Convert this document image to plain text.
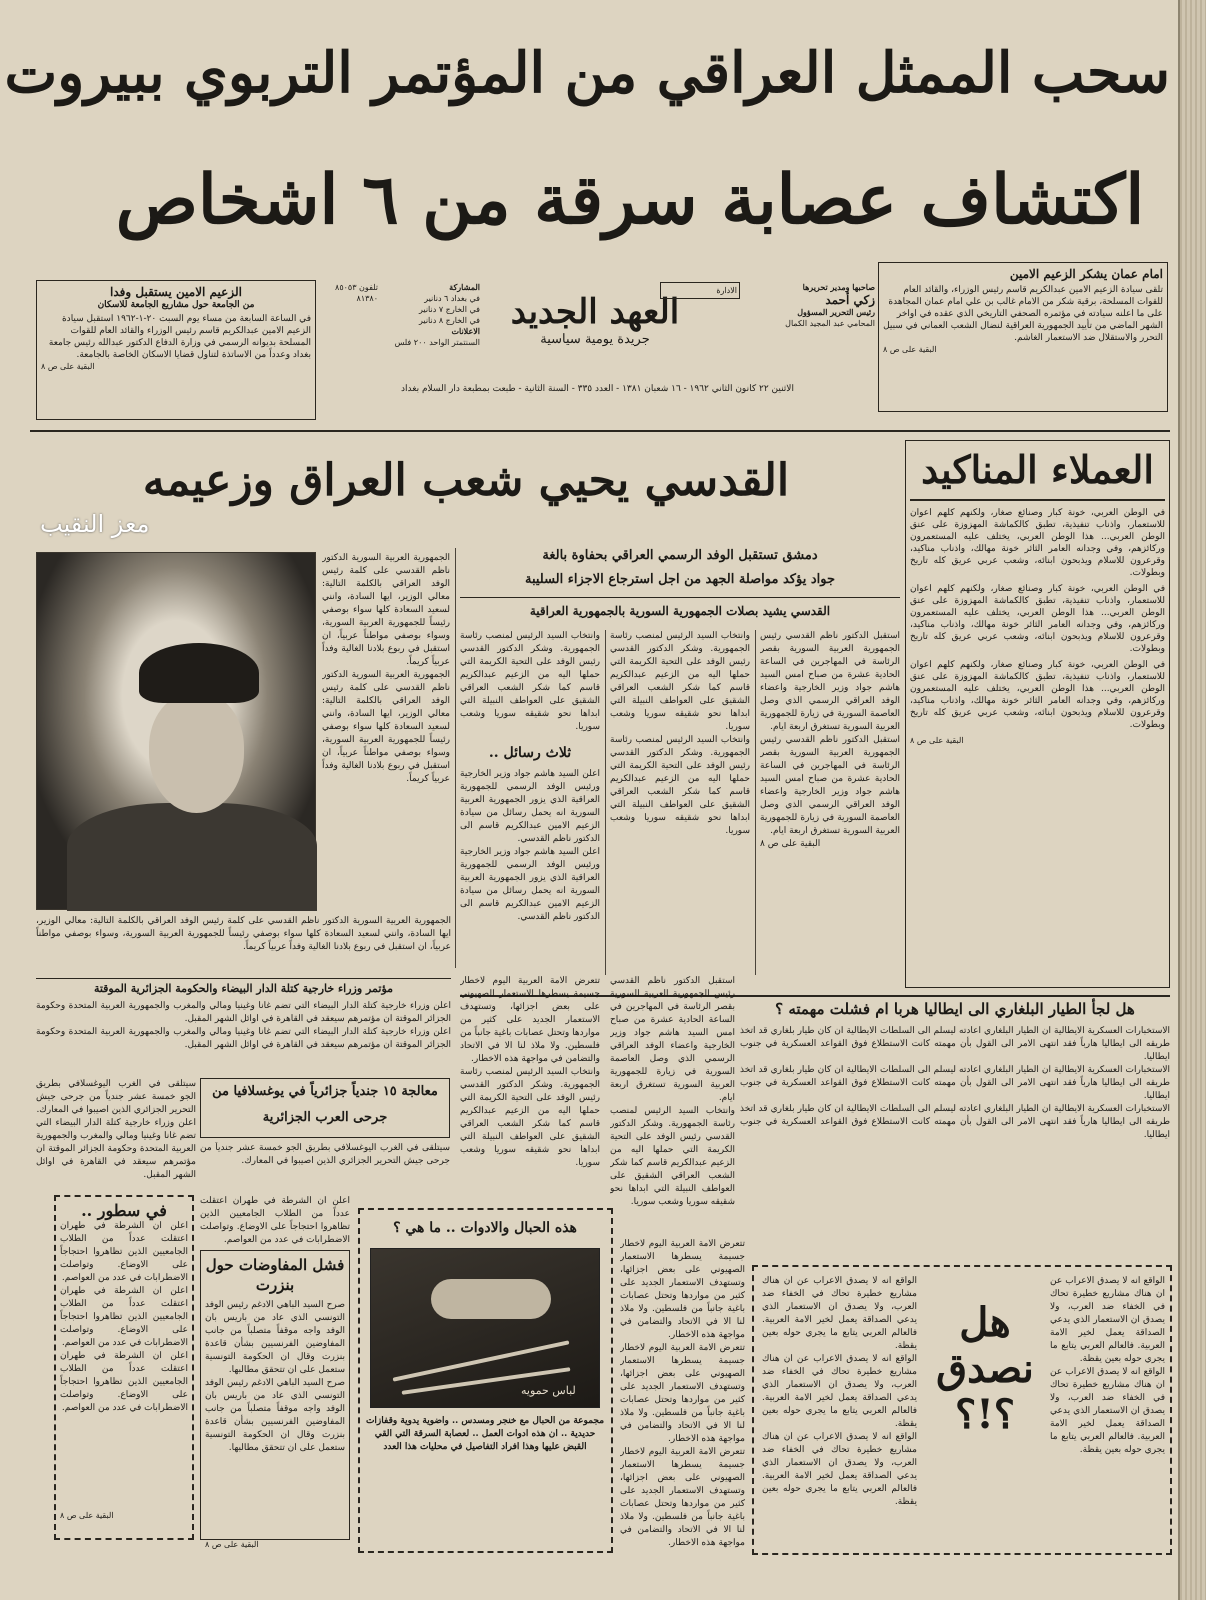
سحب الممثل العراقي من المؤتمر التربوي ببيروت
اكتشاف عصابة سرقة من ٦ اشخاص
امام عمان يشكر الزعيم الامين
تلقى سيادة الزعيم الامين عبدالكريم قاسم رئيس الوزراء، والقائد العام للقوات المسلحة، برقية شكر من الامام غالب بن علي امام عمان المجاهدة على ما اعلنه سيادته في مؤتمره الصحفي التاريخي الذي عقده في اواخر الشهر الماضي من تأييد الجمهورية العراقية لنضال الشعب العماني في سبيل التحرر والاستقلال ضد الاستعمار الغاشم.
البقية على ص ٨
الزعيم الامين يستقبل وفدا
من الجامعة حول مشاريع الجامعة للاسكان
في الساعة السابعة من مساء يوم السبت ٢٠-١-١٩٦٢ استقبل سيادة الزعيم الامين عبدالكريم قاسم رئيس الوزراء والقائد العام للقوات المسلحة بديوانه الرسمي في وزارة الدفاع الدكتور عبدالله رئيس جامعة بغداد وعدداً من الاساتذة لتناول قضايا الاسكان الخاصة بالجامعة.
البقية على ص ٨
صاحبها ومدير تحريرها
زكي أحمد
رئيس التحرير المسؤول
المحامي عبد المجيد الكمال
العهد الجديد
جريدة يومية سياسية
المشاركة
في بغداد ٦ دنانير
في الخارج ٧ دنانير
في الخارج ٨ دنانير
الاعلانات
السنتمتر الواحد ٢٠٠ فلس
تلفون ٨٥٠٥٣
٨١٣٨٠
الادارة
الاثنين ٢٢ كانون الثاني ١٩٦٢ - ١٦ شعبان ١٣٨١ - العدد ٣٣٥ - السنة الثانية - طبعت بمطبعة دار السلام بغداد
العملاء المناكيد
في الوطن العربي، خونة كبار وصنائع صغار، ولكنهم كلهم اعوان للاستعمار، واذناب تنفيذية، تطبق كالكماشة المهزوزة على عنق الوطن العربي... هذا الوطن العربي، يختلف عليه المستعمرون وركائزهم، وفي وجدانه العامر الثائر خونة مهالك، واذناب مناكيد، وقرعرون للاسلام ويذبحون ابنائه، وشعب عربي عريق كله تاريخ وبطولات.
في الوطن العربي، خونة كبار وصنائع صغار، ولكنهم كلهم اعوان للاستعمار، واذناب تنفيذية، تطبق كالكماشة المهزوزة على عنق الوطن العربي... هذا الوطن العربي، يختلف عليه المستعمرون وركائزهم، وفي وجدانه العامر الثائر خونة مهالك، واذناب مناكيد، وقرعرون للاسلام ويذبحون ابنائه، وشعب عربي عريق كله تاريخ وبطولات.
في الوطن العربي، خونة كبار وصنائع صغار، ولكنهم كلهم اعوان للاستعمار، واذناب تنفيذية، تطبق كالكماشة المهزوزة على عنق الوطن العربي... هذا الوطن العربي، يختلف عليه المستعمرون وركائزهم، وفي وجدانه العامر الثائر خونة مهالك، واذناب مناكيد، وقرعرون للاسلام ويذبحون ابنائه، وشعب عربي عريق كله تاريخ وبطولات.
البقية على ص ٨
القدسي يحيي شعب العراق وزعيمه
معز النقيب
دمشق تستقبل الوفد الرسمي العراقي بحفاوة بالغة
جواد يؤكد مواصلة الجهد من اجل استرجاع الاجزاء السليبة
القدسي يشيد بصلات الجمهورية السورية بالجمهورية العراقية

استقبل الدكتور ناظم القدسي رئيس الجمهورية العربية السورية بقصر الرئاسة في المهاجرين في الساعة الحادية عشرة من صباح امس السيد هاشم جواد وزير الخارجية واعضاء الوفد العراقي الرسمي الذي وصل العاصمة السورية في زيارة للجمهورية العربية السورية تستغرق اربعة ايام.

استقبل الدكتور ناظم القدسي رئيس الجمهورية العربية السورية بقصر الرئاسة في المهاجرين في الساعة الحادية عشرة من صباح امس السيد هاشم جواد وزير الخارجية واعضاء الوفد العراقي الرسمي الذي وصل العاصمة السورية في زيارة للجمهورية العربية السورية تستغرق اربعة ايام.

البقية على ص ٨

وانتخاب السيد الرئيس لمنصب رئاسة الجمهورية. وشكر الدكتور القدسي رئيس الوفد على التحية الكريمة التي حملها اليه من الزعيم عبدالكريم قاسم كما شكر الشعب العراقي الشقيق على العواطف النبيلة التي ابداها نحو شقيقه سوريا وشعب سوريا.

وانتخاب السيد الرئيس لمنصب رئاسة الجمهورية. وشكر الدكتور القدسي رئيس الوفد على التحية الكريمة التي حملها اليه من الزعيم عبدالكريم قاسم كما شكر الشعب العراقي الشقيق على العواطف النبيلة التي ابداها نحو شقيقه سوريا وشعب سوريا.

وانتخاب السيد الرئيس لمنصب رئاسة الجمهورية. وشكر الدكتور القدسي رئيس الوفد على التحية الكريمة التي حملها اليه من الزعيم عبدالكريم قاسم كما شكر الشعب العراقي الشقيق على العواطف النبيلة التي ابداها نحو شقيقه سوريا وشعب سوريا.

ثلاث رسائل ..

اعلن السيد هاشم جواد وزير الخارجية ورئيس الوفد الرسمي للجمهورية العراقية الذي يزور الجمهورية العربية السورية انه يحمل رسائل من سيادة الزعيم الامين عبدالكريم قاسم الى الدكتور ناظم القدسي.

اعلن السيد هاشم جواد وزير الخارجية ورئيس الوفد الرسمي للجمهورية العراقية الذي يزور الجمهورية العربية السورية انه يحمل رسائل من سيادة الزعيم الامين عبدالكريم قاسم الى الدكتور ناظم القدسي.

الجمهورية العربية السورية الدكتور ناظم القدسي على كلمة رئيس الوفد العراقي بالكلمة التالية: معالي الوزير، ايها السادة، وانني لسعيد السعادة كلها سواء بوصفي رئيساً للجمهورية العربية السورية، وسواء بوصفي مواطناً عربياً، ان استقبل في ربوع بلادنا الغالية وفداً عربياً كريماً.

الجمهورية العربية السورية الدكتور ناظم القدسي على كلمة رئيس الوفد العراقي بالكلمة التالية: معالي الوزير، ايها السادة، وانني لسعيد السعادة كلها سواء بوصفي رئيساً للجمهورية العربية السورية، وسواء بوصفي مواطناً عربياً، ان استقبل في ربوع بلادنا الغالية وفداً عربياً كريماً.

الجمهورية العربية السورية الدكتور ناظم القدسي على كلمة رئيس الوفد العراقي بالكلمة التالية: معالي الوزير، ايها السادة، وانني لسعيد السعادة كلها سواء بوصفي رئيساً للجمهورية العربية السورية، وسواء بوصفي مواطناً عربياً، ان استقبل في ربوع بلادنا الغالية وفداً عربياً كريماً.

هل لجأ الطيار البلغاري الى ايطاليا هربا ام فشلت مهمته ؟

الاستخبارات العسكرية الايطالية ان الطيار البلغاري اعادته ليسلم الى السلطات الايطالية ان كان طيار بلغاري قد اتخذ طريقه الى ايطاليا هارباً فقد انتهى الامر الى القول بأن مهمته كانت الاستطلاع فوق القواعد العسكرية في جنوب ايطاليا.

الاستخبارات العسكرية الايطالية ان الطيار البلغاري اعادته ليسلم الى السلطات الايطالية ان كان طيار بلغاري قد اتخذ طريقه الى ايطاليا هارباً فقد انتهى الامر الى القول بأن مهمته كانت الاستطلاع فوق القواعد العسكرية في جنوب ايطاليا.

الاستخبارات العسكرية الايطالية ان الطيار البلغاري اعادته ليسلم الى السلطات الايطالية ان كان طيار بلغاري قد اتخذ طريقه الى ايطاليا هارباً فقد انتهى الامر الى القول بأن مهمته كانت الاستطلاع فوق القواعد العسكرية في جنوب ايطاليا.

استقبل الدكتور ناظم القدسي رئيس الجمهورية العربية السورية بقصر الرئاسة في المهاجرين في الساعة الحادية عشرة من صباح امس السيد هاشم جواد وزير الخارجية واعضاء الوفد العراقي الرسمي الذي وصل العاصمة السورية في زيارة للجمهورية العربية السورية تستغرق اربعة ايام.

وانتخاب السيد الرئيس لمنصب رئاسة الجمهورية. وشكر الدكتور القدسي رئيس الوفد على التحية الكريمة التي حملها اليه من الزعيم عبدالكريم قاسم كما شكر الشعب العراقي الشقيق على العواطف النبيلة التي ابداها نحو شقيقه سوريا وشعب سوريا.

تتعرض الامة العربية اليوم لاخطار جسيمة يسطرها الاستعمار الصهيوني على بعض اجزائها، وتستهدف الاستعمار الجديد على كثير من مواردها وتحتل عصابات باغية جانباً من فلسطين. ولا ملاذ لنا الا في الاتحاد والتضامن في مواجهة هذه الاخطار.

وانتخاب السيد الرئيس لمنصب رئاسة الجمهورية. وشكر الدكتور القدسي رئيس الوفد على التحية الكريمة التي حملها اليه من الزعيم عبدالكريم قاسم كما شكر الشعب العراقي الشقيق على العواطف النبيلة التي ابداها نحو شقيقه سوريا وشعب سوريا.

مؤتمر وزراء خارجية كتلة الدار البيضاء والحكومة الجزائرية الموقتة

اعلن وزراء خارجية كتلة الدار البيضاء التي تضم غانا وغينيا ومالي والمغرب والجمهورية العربية المتحدة وحكومة الجزائر الموقتة ان مؤتمرهم سيعقد في القاهرة في اوائل الشهر المقبل.

اعلن وزراء خارجية كتلة الدار البيضاء التي تضم غانا وغينيا ومالي والمغرب والجمهورية العربية المتحدة وحكومة الجزائر الموقتة ان مؤتمرهم سيعقد في القاهرة في اوائل الشهر المقبل.

معالجة ١٥ جندياً جزائرياً في يوغسلافيا من جرحى العرب الجزائرية

سيتلقى في الغرب اليوغسلافي بطريق الجو خمسة عشر جندياً من جرحى جيش التحرير الجزائري الذين اصيبوا في المعارك.

اعلن وزراء خارجية كتلة الدار البيضاء التي تضم غانا وغينيا ومالي والمغرب والجمهورية العربية المتحدة وحكومة الجزائر الموقتة ان مؤتمرهم سيعقد في القاهرة في اوائل الشهر المقبل.

سيتلقى في الغرب اليوغسلافي بطريق الجو خمسة عشر جندياً من جرحى جيش التحرير الجزائري الذين اصيبوا في المعارك.

في سطور ..

اعلن ان الشرطة في طهران اعتقلت عدداً من الطلاب الجامعيين الذين تظاهروا احتجاجاً على الاوضاع. وتواصلت الاضطرابات في عدد من العواصم.

اعلن ان الشرطة في طهران اعتقلت عدداً من الطلاب الجامعيين الذين تظاهروا احتجاجاً على الاوضاع. وتواصلت الاضطرابات في عدد من العواصم.

اعلن ان الشرطة في طهران اعتقلت عدداً من الطلاب الجامعيين الذين تظاهروا احتجاجاً على الاوضاع. وتواصلت الاضطرابات في عدد من العواصم.

البقية على ص ٨

اعلن ان الشرطة في طهران اعتقلت عدداً من الطلاب الجامعيين الذين تظاهروا احتجاجاً على الاوضاع. وتواصلت الاضطرابات في عدد من العواصم.

فشل المفاوضات حول بنزرت

صرح السيد الباهي الادغم رئيس الوفد التونسي الذي عاد من باريس بان الوفد واجه موقفاً متصلباً من جانب المفاوضين الفرنسيين بشأن قاعدة بنزرت وقال ان الحكومة التونسية ستعمل على ان تتحقق مطالبها.

صرح السيد الباهي الادغم رئيس الوفد التونسي الذي عاد من باريس بان الوفد واجه موقفاً متصلباً من جانب المفاوضين الفرنسيين بشأن قاعدة بنزرت وقال ان الحكومة التونسية ستعمل على ان تتحقق مطالبها.

البقية على ص ٨
هذه الحبال والادوات .. ما هي ؟
لباس حمويه

مجموعة من الحبال مع خنجر ومسدس .. واضوية يدوية وقفازات حديدية .. ان هذه ادوات العمل .. لعصابة السرقة التي القي القبض عليها وهذا افراد التفاصيل في محليات هذا العدد

تتعرض الامة العربية اليوم لاخطار جسيمة يسطرها الاستعمار الصهيوني على بعض اجزائها، وتستهدف الاستعمار الجديد على كثير من مواردها وتحتل عصابات باغية جانباً من فلسطين. ولا ملاذ لنا الا في الاتحاد والتضامن في مواجهة هذه الاخطار.

تتعرض الامة العربية اليوم لاخطار جسيمة يسطرها الاستعمار الصهيوني على بعض اجزائها، وتستهدف الاستعمار الجديد على كثير من مواردها وتحتل عصابات باغية جانباً من فلسطين. ولا ملاذ لنا الا في الاتحاد والتضامن في مواجهة هذه الاخطار.

تتعرض الامة العربية اليوم لاخطار جسيمة يسطرها الاستعمار الصهيوني على بعض اجزائها، وتستهدف الاستعمار الجديد على كثير من مواردها وتحتل عصابات باغية جانباً من فلسطين. ولا ملاذ لنا الا في الاتحاد والتضامن في مواجهة هذه الاخطار.

الواقع انه لا يصدق الاعراب عن ان هناك مشاريع خطيرة تحاك في الخفاء ضد العرب، ولا يصدق ان الاستعمار الذي يدعي الصداقة يعمل لخير الامة العربية. فالعالم العربي يتابع ما يجري حوله بعين يقظة.

الواقع انه لا يصدق الاعراب عن ان هناك مشاريع خطيرة تحاك في الخفاء ضد العرب، ولا يصدق ان الاستعمار الذي يدعي الصداقة يعمل لخير الامة العربية. فالعالم العربي يتابع ما يجري حوله بعين يقظة.

الواقع انه لا يصدق الاعراب عن ان هناك مشاريع خطيرة تحاك في الخفاء ضد العرب، ولا يصدق ان الاستعمار الذي يدعي الصداقة يعمل لخير الامة العربية. فالعالم العربي يتابع ما يجري حوله بعين يقظة.

هل نصدق ؟!؟

الواقع انه لا يصدق الاعراب عن ان هناك مشاريع خطيرة تحاك في الخفاء ضد العرب، ولا يصدق ان الاستعمار الذي يدعي الصداقة يعمل لخير الامة العربية. فالعالم العربي يتابع ما يجري حوله بعين يقظة.

الواقع انه لا يصدق الاعراب عن ان هناك مشاريع خطيرة تحاك في الخفاء ضد العرب، ولا يصدق ان الاستعمار الذي يدعي الصداقة يعمل لخير الامة العربية. فالعالم العربي يتابع ما يجري حوله بعين يقظة.
